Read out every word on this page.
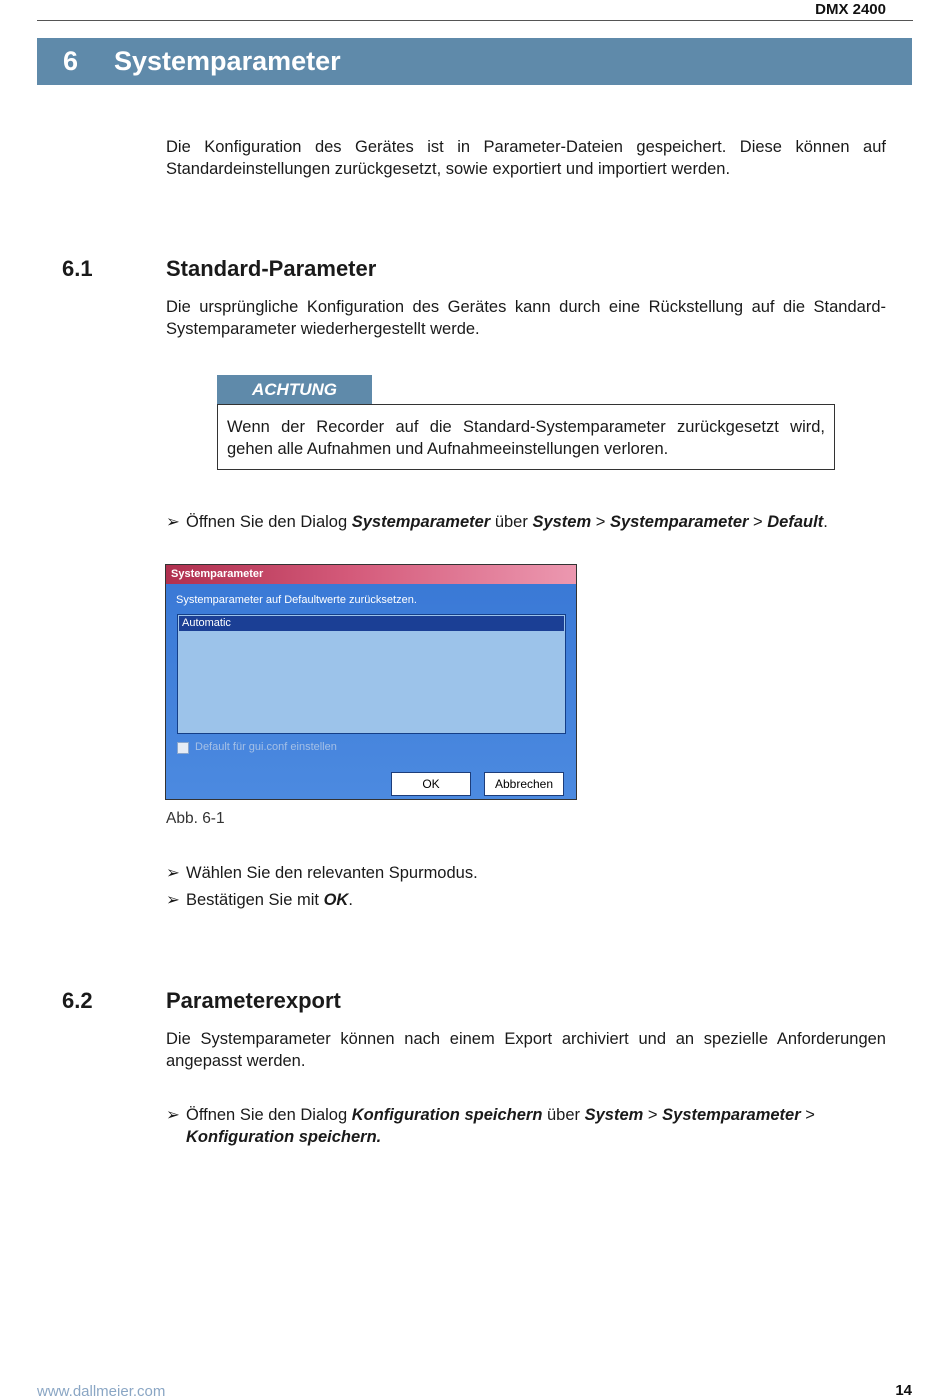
DMX 2400
6 Systemparameter
Die Konfiguration des Gerätes ist in Parameter-Dateien gespeichert. Diese können auf Standardeinstellungen zurückgesetzt, sowie exportiert und importiert werden.
6.1	Standard-Parameter
Die ursprüngliche Konfiguration des Gerätes kann durch eine Rückstellung auf die Standard-Systemparameter wiederhergestellt werde.
ACHTUNG
Wenn der Recorder auf die Standard-Systemparameter zurückgesetzt wird, gehen alle Aufnahmen und Aufnahmeeinstellungen verloren.
➢ Öffnen Sie den Dialog Systemparameter über System > Systemparameter > Default.
Systemparameter
Systemparameter auf Defaultwerte zurücksetzen.
Automatic
Default für gui.conf einstellen
OK	Abbrechen
Abb. 6-1
➢ Wählen Sie den relevanten Spurmodus.
➢ Bestätigen Sie mit OK.
6.2	Parameterexport
Die Systemparameter können nach einem Export archiviert und an spezielle Anforderungen angepasst werden.
➢ Öffnen Sie den Dialog Konfiguration speichern über System > Systemparameter >
Konfiguration speichern.
www.dallmeier.com	14
